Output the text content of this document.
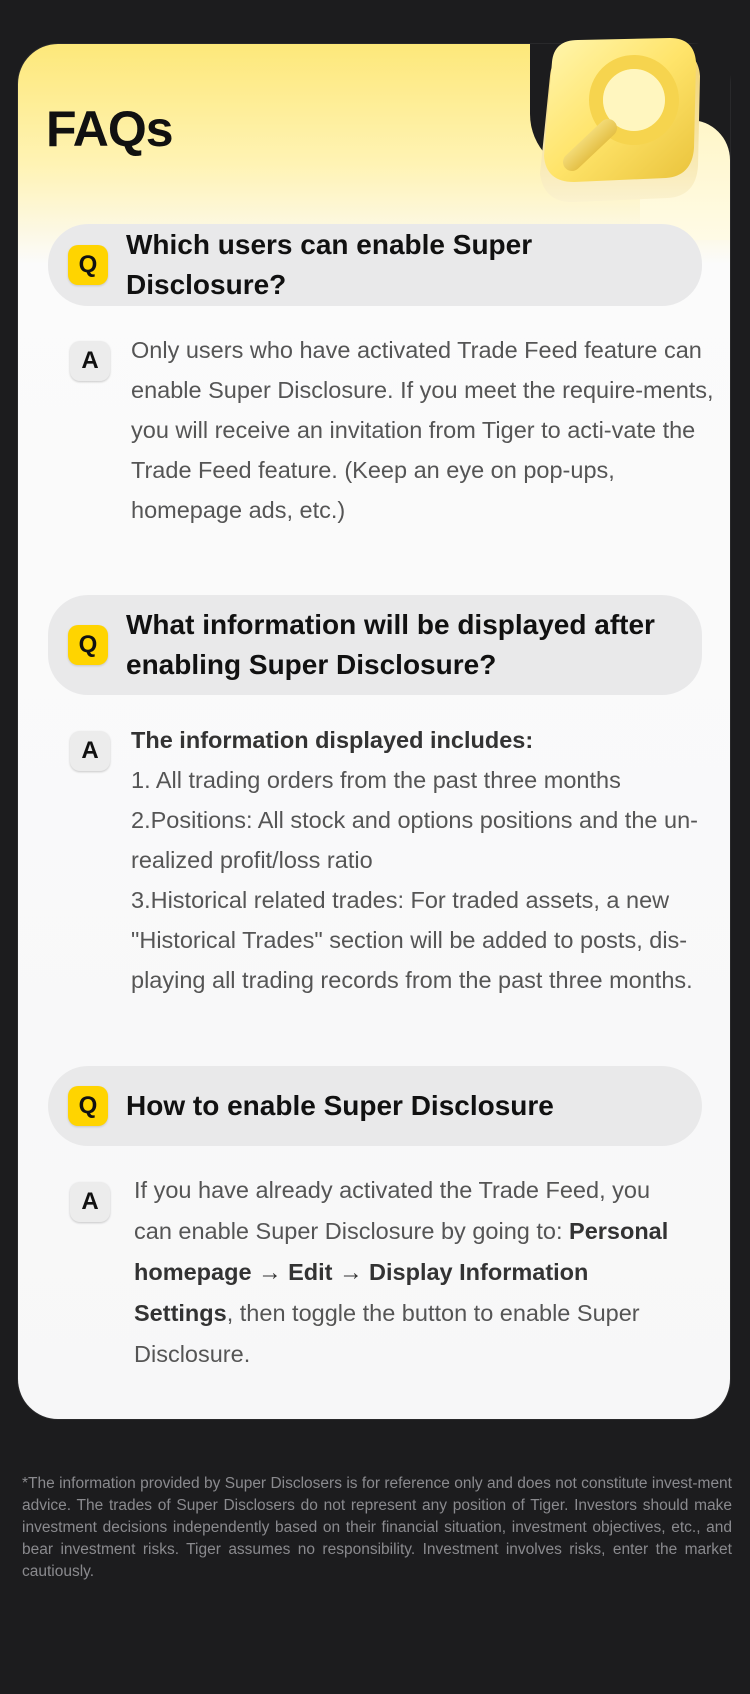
FAQs
Q
Which users can enable Super Disclosure?
A	Only users who have activated Trade Feed feature can enable Super Disclosure. If you meet the require-ments, you will receive an invitation from Tiger to acti-vate the Trade Feed feature. (Keep an eye on pop-ups, homepage ads, etc.)
Q
What information will be displayed after enabling Super Disclosure?
A	The information displayed includes:

1. All trading orders from the past three months

2.Positions: All stock and options positions and the un-realized profit/loss ratio

3.Historical related trades: For traded assets, a new "Historical Trades" section will be added to posts, dis-playing all trading records from the past three months.

Q	How to enable Super Disclosure
A	If you have already activated the Trade Feed, you can enable Super Disclosure by going to: Personal homepage → Edit → Display Information Settings, then toggle the button to enable Super Disclosure.
*The information provided by Super Disclosers is for reference only and does not constitute invest-ment advice. The trades of Super Disclosers do not represent any position of Tiger. Investors should make investment decisions independently based on their financial situation, investment objectives, etc., and bear investment risks. Tiger assumes no responsibility. Investment involves risks, enter the market cautiously.
